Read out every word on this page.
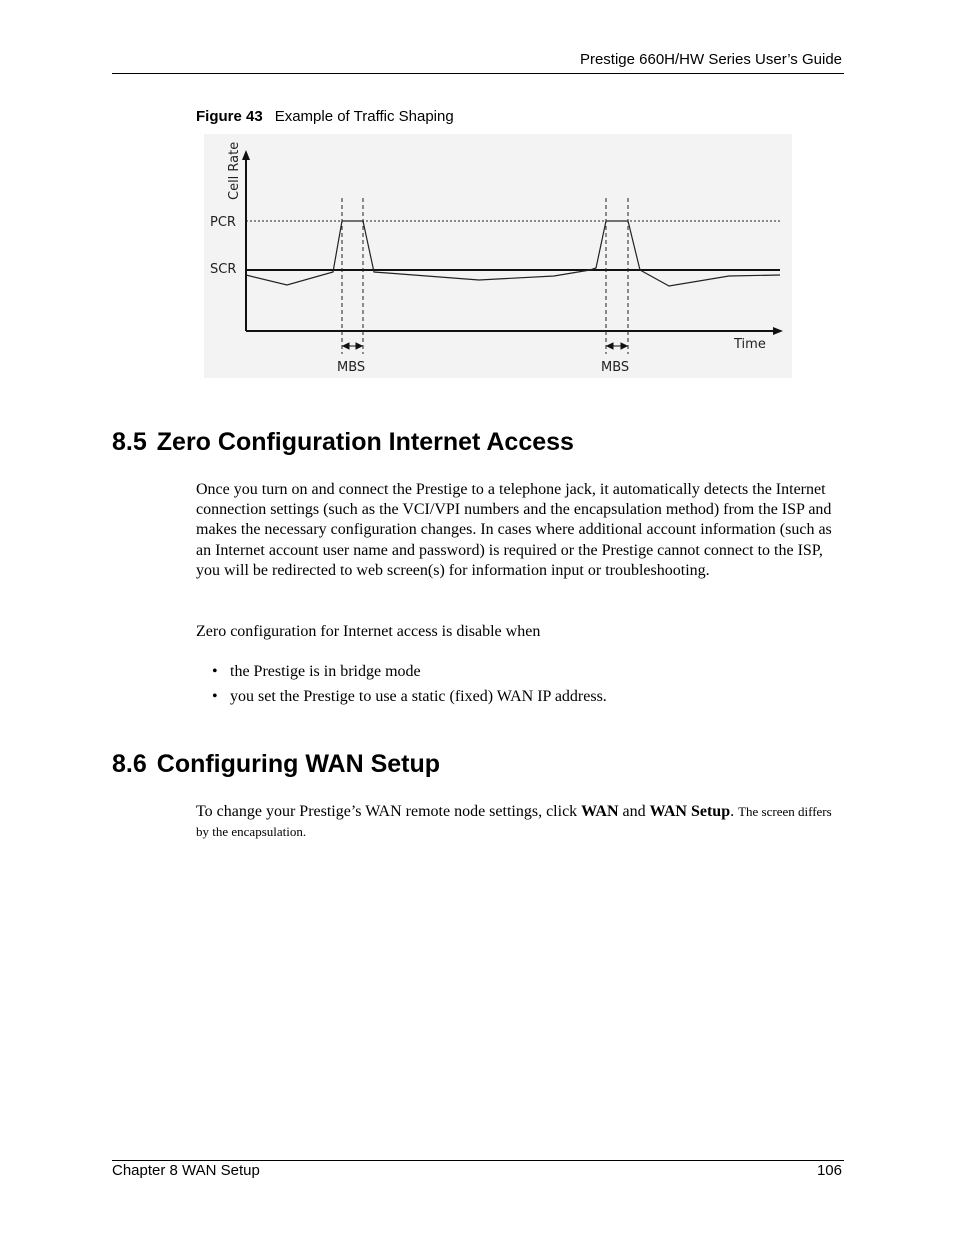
Prestige 660H/HW Series User’s Guide
Figure 43 Example of Traffic Shaping
Cell Rate
Time
PCR
SCR
MBS	MBS
8.5 Zero Configuration Internet Access

Once you turn on and connect the Prestige to a telephone jack, it automatically detects the Internet connection settings (such as the VCI/VPI numbers and the encapsulation method) from the ISP and makes the necessary configuration changes. In cases where additional account information (such as an Internet account user name and password) is required or the Prestige cannot connect to the ISP, you will be redirected to web screen(s) for information input or troubleshooting.

Zero configuration for Internet access is disable when

• the Prestige is in bridge mode
• you set the Prestige to use a static (fixed) WAN IP address.
8.6 Configuring WAN Setup

To change your Prestige’s WAN remote node settings, click WAN and WAN Setup. The screen differs by the encapsulation.

Chapter 8 WAN Setup	106
